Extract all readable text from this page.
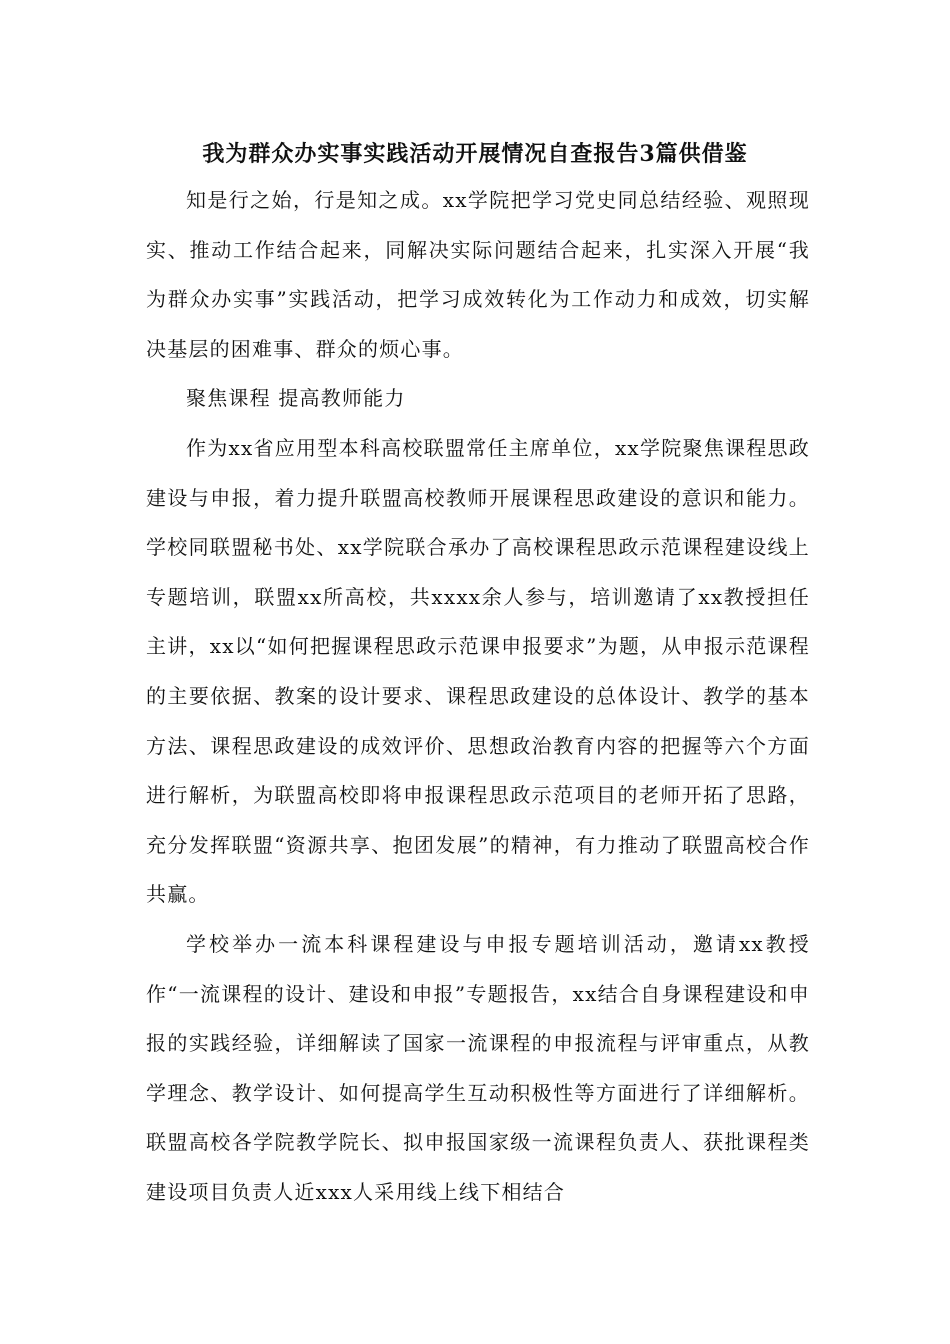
我为群众办实事实践活动开展情况自查报告3篇供借鉴

知是行之始，行是知之成。xx学院把学习党史同总结经验、观照现实、推动工作结合起来，同解决实际问题结合起来，扎实深入开展“我为群众办实事”实践活动，把学习成效转化为工作动力和成效，切实解决基层的困难事、群众的烦心事。

聚焦课程 提高教师能力

作为xx省应用型本科高校联盟常任主席单位，xx学院聚焦课程思政建设与申报，着力提升联盟高校教师开展课程思政建设的意识和能力。学校同联盟秘书处、xx学院联合承办了高校课程思政示范课程建设线上专题培训，联盟xx所高校，共xxxx余人参与，培训邀请了xx教授担任主讲，xx以“如何把握课程思政示范课申报要求”为题，从申报示范课程的主要依据、教案的设计要求、课程思政建设的总体设计、教学的基本方法、课程思政建设的成效评价、思想政治教育内容的把握等六个方面进行解析，为联盟高校即将申报课程思政示范项目的老师开拓了思路，充分发挥联盟“资源共享、抱团发展”的精神，有力推动了联盟高校合作共赢。

学校举办一流本科课程建设与申报专题培训活动，邀请xx教授作“一流课程的设计、建设和申报”专题报告，xx结合自身课程建设和申报的实践经验，详细解读了国家一流课程的申报流程与评审重点，从教学理念、教学设计、如何提高学生互动积极性等方面进行了详细解析。联盟高校各学院教学院长、拟申报国家级一流课程负责人、获批课程类建设项目负责人近xxx人采用线上线下相结合
